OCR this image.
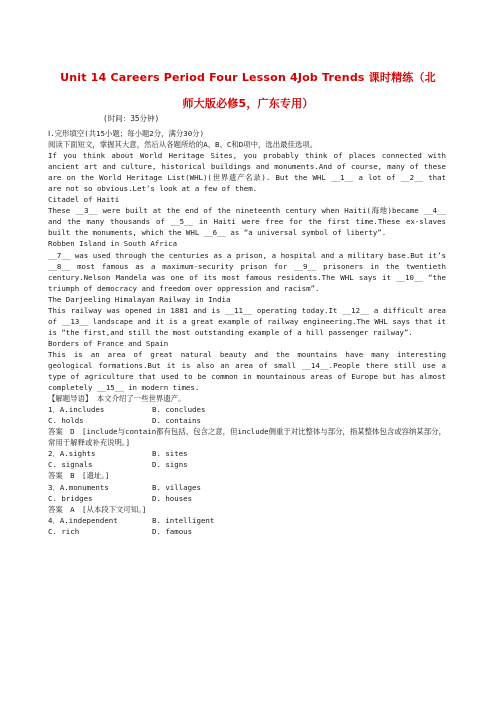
Unit 14 Careers Period Four Lesson 4Job Trends 课时精练（北
师大版必修5，广东专用）
(时间：35分钟)

Ⅰ.完形填空(共15小题；每小题2分，满分30分)

阅读下面短文，掌握其大意，然后从各题所给的A、B、C和D项中，选出最佳选项。

If you think about World Heritage Sites, you probably think of places connected with ancient art and culture, historical buildings and monuments.And of course, many of these are on the World Heritage List(WHL)(世界遗产名录). But the WHL __1__ a lot of __2__ that are not so obvious.Let’s look at a few of them.

Citadel of Haiti

These __3__ were built at the end of the nineteenth century when Haiti(海地)became __4__ and the many thousands of __5__ in Haiti were free for the first time.These ex-slaves built the monuments, which the WHL __6__ as “a universal symbol of liberty”.

Robben Island in South Africa

__7__ was used through the centuries as a prison, a hospital and a military base.But it’s __8__ most famous as a maximum-security prison for __9__ prisoners in the twentieth century.Nelson Mandela was one of its most famous residents.The WHL says it __10__ “the triumph of democracy and freedom over oppression and racism”.

The Darjeeling Himalayan Railway in India

This railway was opened in 1881 and is __11__ operating today.It __12__ a difficult area of __13__ landscape and it is a great example of railway engineering.The WHL says that it is “the first,and still the most outstanding example of a hill passenger railway”.

Borders of France and Spain

This is an area of great natural beauty and the mountains have many interesting geological formations.But it is also an area of small __14__.People there still use a type of agriculture that used to be common in mountainous areas of Europe but has almost completely __15__ in modern times.

【解题导语】 本文介绍了一些世界遗产。

1．A.includes	B. concludes
C. holds	D. contains

答案　D　[include与contain都有包括、包含之意，但include侧重于对比整体与部分，指某整体包含或容纳某部分，常用于解释或补充说明。]

2．A.sights	B. sites
C. signals	D. signs

答案　B　[遗址。]

3．A.monuments	B. villages
C. bridges	D. houses

答案　A　[从本段下文可知。]

4．A.independent	B. intelligent
C. rich	D. famous
